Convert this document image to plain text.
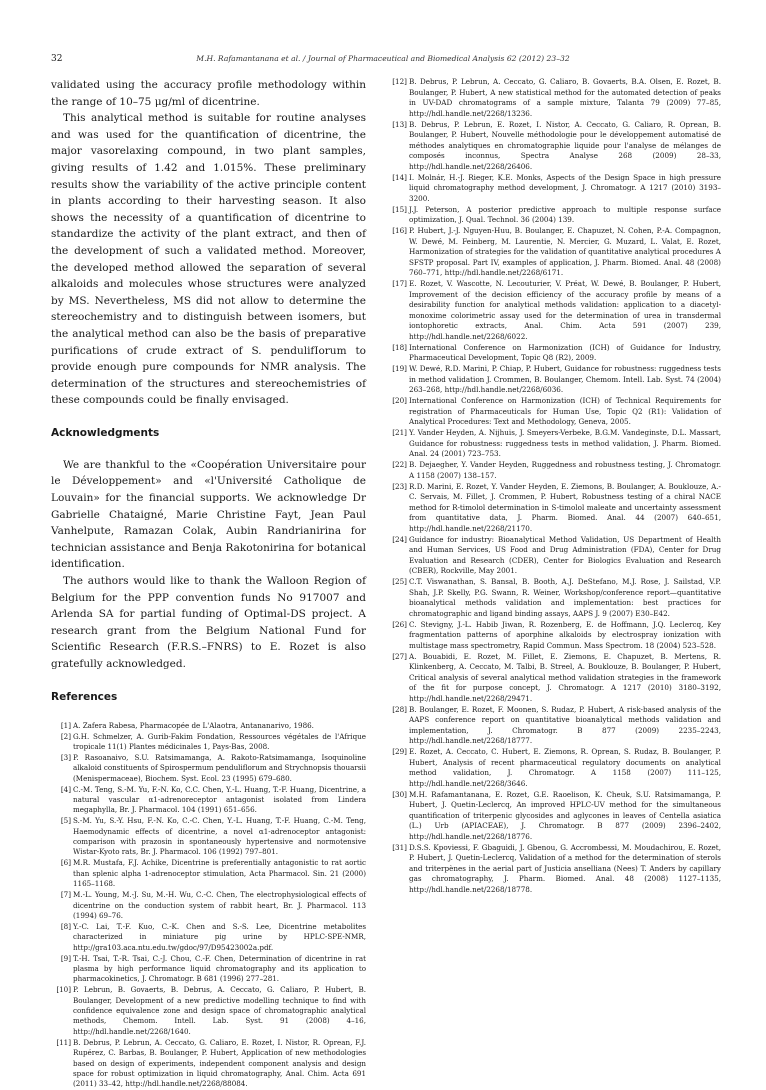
32	M.H. Rafamantanana et al. / Journal of Pharmaceutical and Biomedical Analysis 62 (2012) 23–32

validated using the accuracy profile methodology within the range of 10–75 μg/ml of dicentrine.

This analytical method is suitable for routine analyses and was used for the quantification of dicentrine, the major vasorelaxing compound, in two plant samples, giving results of 1.42 and 1.015%. These preliminary results show the variability of the active principle content in plants according to their harvesting season. It also shows the necessity of a quantification of dicentrine to standardize the activity of the plant extract, and then of the development of such a validated method. Moreover, the developed method allowed the separation of several alkaloids and molecules whose structures were analyzed by MS. Nevertheless, MS did not allow to determine the stereochemistry and to distinguish between isomers, but the analytical method can also be the basis of preparative purifications of crude extract of S. pendulifIorum to provide enough pure compounds for NMR analysis. The determination of the structures and stereochemistries of these compounds could be finally envisaged.

Acknowledgments

We are thankful to the «Coopération Universitaire pour le Développement» and «l'Université Catholique de Louvain» for the financial supports. We acknowledge Dr Gabrielle Chataigné, Marie Christine Fayt, Jean Paul Vanhelpute, Ramazan Colak, Aubin Randrianirina for technician assistance and Benja Rakotonirina for botanical identification.

The authors would like to thank the Walloon Region of Belgium for the PPP convention funds No 917007 and Arlenda SA for partial funding of Optimal-DS project. A research grant from the Belgium National Fund for Scientific Research (F.R.S.–FNRS) to E. Rozet is also gratefully acknowledged.

References
[1] A. Zafera Rabesa, Pharmacopée de L'Alaotra, Antananarivo, 1986.
[2] G.H. Schmelzer, A. Gurib-Fakim Fondation, Ressources végétales de l'Afrique tropicale 11(1) Plantes médicinales 1, Pays-Bas, 2008.
[3] P. Rasoanaivo, S.U. Ratsimamanga, A. Rakoto-Ratsimamanga, Isoquinoline alkaloid constituents of Spirospermum penduliflorum and Strychnopsis thouarsii (Menispermaceae), Biochem. Syst. Ecol. 23 (1995) 679–680.
[4] C.-M. Teng, S.-M. Yu, F.-N. Ko, C.C. Chen, Y.-L. Huang, T.-F. Huang, Dicentrine, a natural vascular α1-adrenoreceptor antagonist isolated from Lindera megaphylla, Br. J. Pharmacol. 104 (1991) 651–656.
[5] S.-M. Yu, S.-Y. Hsu, F.-N. Ko, C.-C. Chen, Y.-L. Huang, T.-F. Huang, C.-M. Teng, Haemodynamic effects of dicentrine, a novel α1-adrenoceptor antagonist: comparison with prazosin in spontaneously hypertensive and normotensive Wistar-Kyoto rats, Br. J. Pharmacol. 106 (1992) 797–801.
[6] M.R. Mustafa, F.J. Achike, Dicentrine is preferentially antagonistic to rat aortic than splenic alpha 1-adrenoceptor stimulation, Acta Pharmacol. Sin. 21 (2000) 1165–1168.
[7] M.-L. Young, M.-J. Su, M.-H. Wu, C.-C. Chen, The electrophysiological effects of dicentrine on the conduction system of rabbit heart, Br. J. Pharmacol. 113 (1994) 69–76.
[8] Y.-C. Lai, T.-F. Kuo, C.-K. Chen and S.-S. Lee, Dicentrine metabolites characterized in miniature pig urine by HPLC-SPE-NMR, http://gra103.aca.ntu.edu.tw/gdoc/97/D95423002a.pdf.
[9] T.-H. Tsai, T.-R. Tsai, C.-J. Chou, C.-F. Chen, Determination of dicentrine in rat plasma by high performance liquid chromatography and its application to pharmacokinetics, J. Chromatogr. B 681 (1996) 277–281.
[10] P. Lebrun, B. Govaerts, B. Debrus, A. Ceccato, G. Caliaro, P. Hubert, B. Boulanger, Development of a new predictive modelling technique to find with confidence equivalence zone and design space of chromatographic analytical methods, Chemom. Intell. Lab. Syst. 91 (2008) 4–16, http://hdl.handle.net/2268/1640.
[11] B. Debrus, P. Lebrun, A. Ceccato, G. Caliaro, E. Rozet, I. Nistor, R. Oprean, F.J. Rupérez, C. Barbas, B. Boulanger, P. Hubert, Application of new methodologies based on design of experiments, independent component analysis and design space for robust optimization in liquid chromatography, Anal. Chim. Acta 691 (2011) 33–42, http://hdl.handle.net/2268/88084.
[12] B. Debrus, P. Lebrun, A. Ceccato, G. Caliaro, B. Govaerts, B.A. Olsen, E. Rozet, B. Boulanger, P. Hubert, A new statistical method for the automated detection of peaks in UV-DAD chromatograms of a sample mixture, Talanta 79 (2009) 77–85, http://hdl.handle.net/2268/13236.
[13] B. Debrus, P. Lebrun, E. Rozet, I. Nistor, A. Ceccato, G. Caliaro, R. Oprean, B. Boulanger, P. Hubert, Nouvelle méthodologie pour le développement automatisé de méthodes analytiques en chromatographie liquide pour l'analyse de mélanges de composés inconnus, Spectra Analyse 268 (2009) 28–33, http://hdl.handle.net/2268/26406.
[14] I. Molnár, H.-J. Rieger, K.E. Monks, Aspects of the Design Space in high pressure liquid chromatography method development, J. Chromatogr. A 1217 (2010) 3193–3200.
[15] J.J. Peterson, A posterior predictive approach to multiple response surface optimization, J. Qual. Technol. 36 (2004) 139.
[16] P. Hubert, J.-J. Nguyen-Huu, B. Boulanger, E. Chapuzet, N. Cohen, P.-A. Compagnon, W. Dewé, M. Feinberg, M. Laurentie, N. Mercier, G. Muzard, L. Valat, E. Rozet, Harmonization of strategies for the validation of quantitative analytical procedures A SFSTP proposal. Part IV, examples of application, J. Pharm. Biomed. Anal. 48 (2008) 760–771, http://hdl.handle.net/2268/6171.
[17] E. Rozet, V. Wascotte, N. Lecouturier, V. Préat, W. Dewé, B. Boulanger, P. Hubert, Improvement of the decision efficiency of the accuracy profile by means of a desirability function for analytical methods validation: application to a diacetyl-monoxime colorimetric assay used for the determination of urea in transdermal iontophoretic extracts, Anal. Chim. Acta 591 (2007) 239, http://hdl.handle.net/2268/6022.
[18] International Conference on Harmonization (ICH) of Guidance for Industry, Pharmaceutical Development, Topic Q8 (R2), 2009.
[19] W. Dewé, R.D. Marini, P. Chiap, P. Hubert, Guidance for robustness: ruggedness tests in method validation J. Crommen, B. Boulanger, Chemom. Intell. Lab. Syst. 74 (2004) 263–268, http://hdl.handle.net/2268/6036.
[20] International Conference on Harmonization (ICH) of Technical Requirements for registration of Pharmaceuticals for Human Use, Topic Q2 (R1): Validation of Analytical Procedures: Text and Methodology, Geneva, 2005.
[21] Y. Vander Heyden, A. Nijhuis, J. Smeyers-Verbeke, B.G.M. Vandeginste, D.L. Massart, Guidance for robustness: ruggedness tests in method validation, J. Pharm. Biomed. Anal. 24 (2001) 723–753.
[22] B. Dejaegher, Y. Vander Heyden, Ruggedness and robustness testing, J. Chromatogr. A 1158 (2007) 138–157.
[23] R.D. Marini, E. Rozet, Y. Vander Heyden, E. Ziemons, B. Boulanger, A. Bouklouze, A.-C. Servais, M. Fillet, J. Crommen, P. Hubert, Robustness testing of a chiral NACE method for R-timolol determination in S-timolol maleate and uncertainty assessment from quantitative data, J. Pharm. Biomed. Anal. 44 (2007) 640–651, http://hdl.handle.net/2268/21170.
[24] Guidance for industry: Bioanalytical Method Validation, US Department of Health and Human Services, US Food and Drug Administration (FDA), Center for Drug Evaluation and Research (CDER), Center for Biologics Evaluation and Research (CBER), Rockville, May 2001.
[25] C.T. Viswanathan, S. Bansal, B. Booth, A.J. DeStefano, M.J. Rose, J. Sailstad, V.P. Shah, J.P. Skelly, P.G. Swann, R. Weiner, Workshop/conference report—quantitative bioanalytical methods validation and implementation: best practices for chromatographic and ligand binding assays, AAPS J. 9 (2007) E30–E42.
[26] C. Stevigny, J.-L. Habib Jiwan, R. Rozenberg, E. de Hoffmann, J.Q. Leclercq, Key fragmentation patterns of aporphine alkaloids by electrospray ionization with multistage mass spectrometry, Rapid Commun. Mass Spectrom. 18 (2004) 523–528.
[27] A. Bouabidi, E. Rozet, M. Fillet, E. Ziemons, E. Chapuzet, B. Mertens, R. Klinkenberg, A. Ceccato, M. Talbi, B. Streel, A. Bouklouze, B. Boulanger, P. Hubert, Critical analysis of several analytical method validation strategies in the framework of the fit for purpose concept, J. Chromatogr. A 1217 (2010) 3180–3192, http://hdl.handle.net/2268/29471.
[28] B. Boulanger, E. Rozet, F. Moonen, S. Rudaz, P. Hubert, A risk-based analysis of the AAPS conference report on quantitative bioanalytical methods validation and implementation, J. Chromatogr. B 877 (2009) 2235–2243, http://hdl.handle.net/2268/18777.
[29] E. Rozet, A. Ceccato, C. Hubert, E. Ziemons, R. Oprean, S. Rudaz, B. Boulanger, P. Hubert, Analysis of recent pharmaceutical regulatory documents on analytical method validation, J. Chromatogr. A 1158 (2007) 111–125, http://hdl.handle.net/2268/3646.
[30] M.H. Rafamantanana, E. Rozet, G.E. Raoelison, K. Cheuk, S.U. Ratsimamanga, P. Hubert, J. Quetin-Leclercq, An improved HPLC-UV method for the simultaneous quantification of triterpenic glycosides and aglycones in leaves of Centella asiatica (L.) Urb (APIACEAE), J. Chromatogr. B 877 (2009) 2396–2402, http://hdl.handle.net/2268/18776.
[31] D.S.S. Kpoviessi, F. Gbaguidi, J. Gbenou, G. Accrombessi, M. Moudachirou, E. Rozet, P. Hubert, J. Quetin-Leclercq, Validation of a method for the determination of sterols and triterpènes in the aerial part of Justicia anselliana (Nees) T. Anders by capillary gas chromatography, J. Pharm. Biomed. Anal. 48 (2008) 1127–1135, http://hdl.handle.net/2268/18778.
